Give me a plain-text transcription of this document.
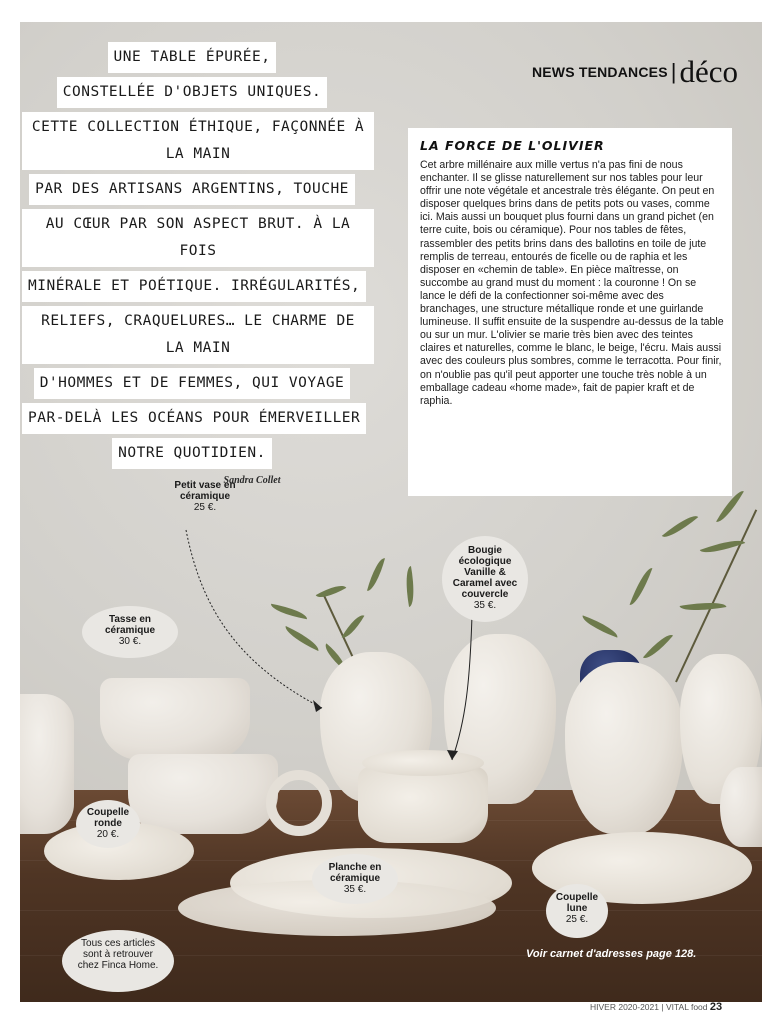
UNE TABLE ÉPURÉE,
CONSTELLÉE D'OBJETS UNIQUES.
CETTE COLLECTION ÉTHIQUE, FAÇONNÉE À LA MAIN
PAR DES ARTISANS ARGENTINS, TOUCHE
AU CŒUR PAR SON ASPECT BRUT. À LA FOIS
MINÉRALE ET POÉTIQUE. IRRÉGULARITÉS,
RELIEFS, CRAQUELURES… LE CHARME DE LA MAIN
D'HOMMES ET DE FEMMES, QUI VOYAGE
PAR-DELÀ LES OCÉANS POUR ÉMERVEILLER
NOTRE QUOTIDIEN.
Sandra Collet
NEWS TENDANCES |déco
LA FORCE DE L'OLIVIER

Cet arbre millénaire aux mille vertus n'a pas fini de nous enchanter. Il se glisse naturellement sur nos tables pour leur offrir une note végétale et ancestrale très élégante. On peut en disposer quelques brins dans de petits pots ou vases, comme ici. Mais aussi un bouquet plus fourni dans un grand pichet (en terre cuite, bois ou céramique). Pour nos tables de fêtes, rassembler des petits brins dans des ballotins en toile de jute remplis de terreau, entourés de ficelle ou de raphia et les disposer en «chemin de table». En pièce maîtresse, on succombe au grand must du moment : la couronne ! On se lance le défi de la confectionner soi-même avec des branchages, une structure métallique ronde et une guirlande lumineuse. Il suffit ensuite de la suspendre au-dessus de la table ou sur un mur. L'olivier se marie très bien avec des teintes claires et naturelles, comme le blanc, le beige, l'écru. Mais aussi avec des couleurs plus sombres, comme le terracotta. Pour finir, on n'oublie pas qu'il peut apporter une touche très noble à un emballage cadeau «home made», fait de papier kraft et de raphia.

Petit vase en céramique
25 €.
Bougie écologique Vanille & Caramel avec couvercle
35 €.
Tasse en céramique
30 €.
Coupelle ronde
20 €.
Planche en céramique
35 €.
Coupelle lune
25 €.
Tous ces articles sont à retrouver chez Finca Home.
Voir carnet d'adresses page 128.
HIVER 2020-2021 | VITAL food 23
